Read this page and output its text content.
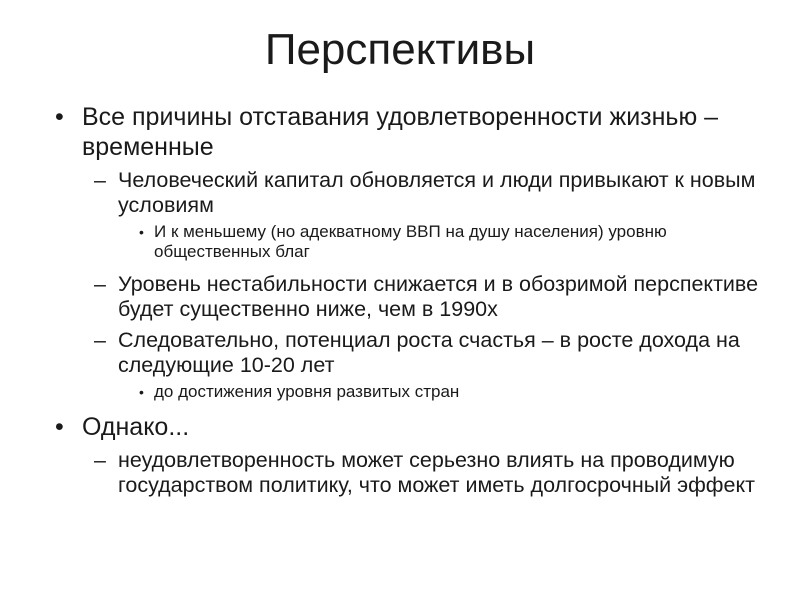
Перспективы
• Все причины отставания удовлетворенности жизнью – временные
– Человеческий капитал обновляется и люди привыкают к новым условиям
• И к меньшему (но адекватному ВВП на душу населения) уровню общественных благ
– Уровень нестабильности снижается и в обозримой перспективе будет существенно ниже, чем в 1990х
– Следовательно, потенциал роста счастья – в росте дохода на следующие 10-20 лет
• до достижения уровня развитых стран
• Однако...
– неудовлетворенность может серьезно влиять на проводимую государством политику, что может иметь долгосрочный эффект
